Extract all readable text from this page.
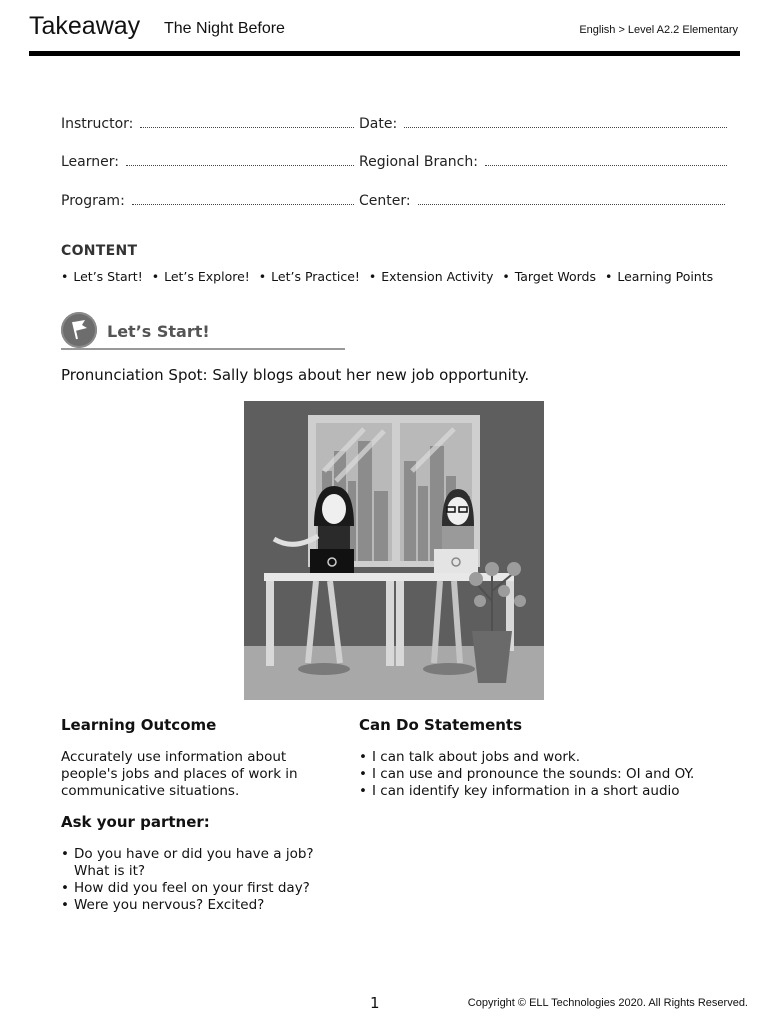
Takeaway The Night Before	English > Level A2.2 Elementary
Instructor:	Date:
Learner:	Regional Branch:
Program:	Center:
CONTENT
• Let’s Start! • Let’s Explore! • Let’s Practice! • Extension Activity • Target Words • Learning Points
Let’s Start!
Pronunciation Spot: Sally blogs about her new job opportunity.
Learning Outcome
Accurately use information about people's jobs and places of work in communicative situations.
Ask your partner:
• Do you have or did you have a job? What is it?
• How did you feel on your first day?
• Were you nervous? Excited?
Can Do Statements
• I can talk about jobs and work.
• I can use and pronounce the sounds: OI and OY.
• I can identify key information in a short audio
1	Copyright © ELL Technologies 2020. All Rights Reserved.
